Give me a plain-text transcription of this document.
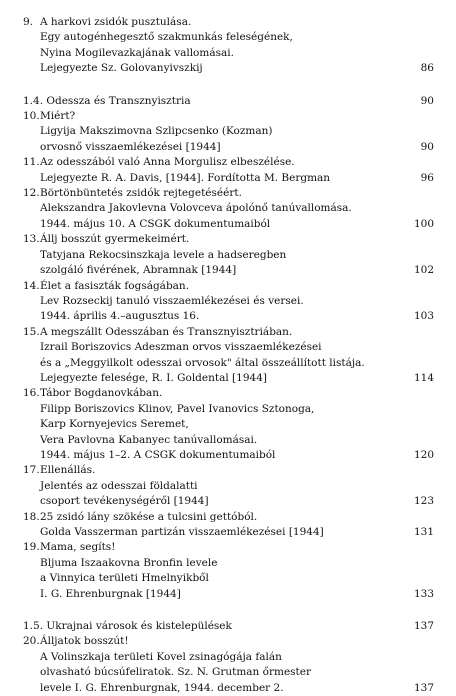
9. A harkovi zsidók pusztulása.
Egy autogénhegesztő szakmunkás feleségének,
Nyina Mogilevazkajának vallomásai.
Lejegyezte Sz. Golovanyivszkij	86
1.4. Odessza és Transznyisztria	90
10.Miért?
Ligyija Makszimovna Szlipcsenko (Kozman)
orvosnő visszaemlékezései [1944]	90
11.Az odesszából való Anna Morgulisz elbeszélése.
Lejegyezte R. A. Davis, [1944]. Fordította M. Bergman	96
12.Börtönbüntetés zsidók rejtegetéséért.
Alekszandra Jakovlevna Volovceva ápolónő tanúvallomása.
1944. május 10. A CSGK dokumentumaiból	100
13.Állj bosszút gyermekeimért.
Tatyjana Rekocsinszkaja levele a hadseregben
szolgáló fivérének, Abramnak [1944]	102
14.Élet a fasiszták fogságában.
Lev Rozseckij tanuló visszaemlékezései és versei.
1944. április 4.–augusztus 16.	103
15.A megszállt Odesszában és Transznyisztriában.
Izrail Boriszovics Adeszman orvos visszaemlékezései
és a „Meggyilkolt odesszai orvosok" által összeállított listája.
Lejegyezte felesége, R. I. Goldental [1944]	114
16.Tábor Bogdanovkában.
Filipp Boriszovics Klinov, Pavel Ivanovics Sztonoga,
Karp Kornyejevics Seremet,
Vera Pavlovna Kabanyec tanúvallomásai.
1944. május 1–2. A CSGK dokumentumaiból	120
17.Ellenállás.
Jelentés az odesszai földalatti
csoport tevékenységéről [1944]	123
18.25 zsidó lány szökése a tulcsini gettóból.
Golda Vasszerman partizán visszaemlékezései [1944]	131
19.Mama, segíts!
Bljuma Iszaakovna Bronfin levele
a Vinnyica területi Hmelnyikből
I. G. Ehrenburgnak [1944]	133
1.5. Ukrajnai városok és kistelepülések	137
20.Álljatok bosszút!
A Volinszkaja területi Kovel zsinagógája falán
olvasható búcsúfeliratok. Sz. N. Grutman őrmester
levele I. G. Ehrenburgnak, 1944. december 2.	137
